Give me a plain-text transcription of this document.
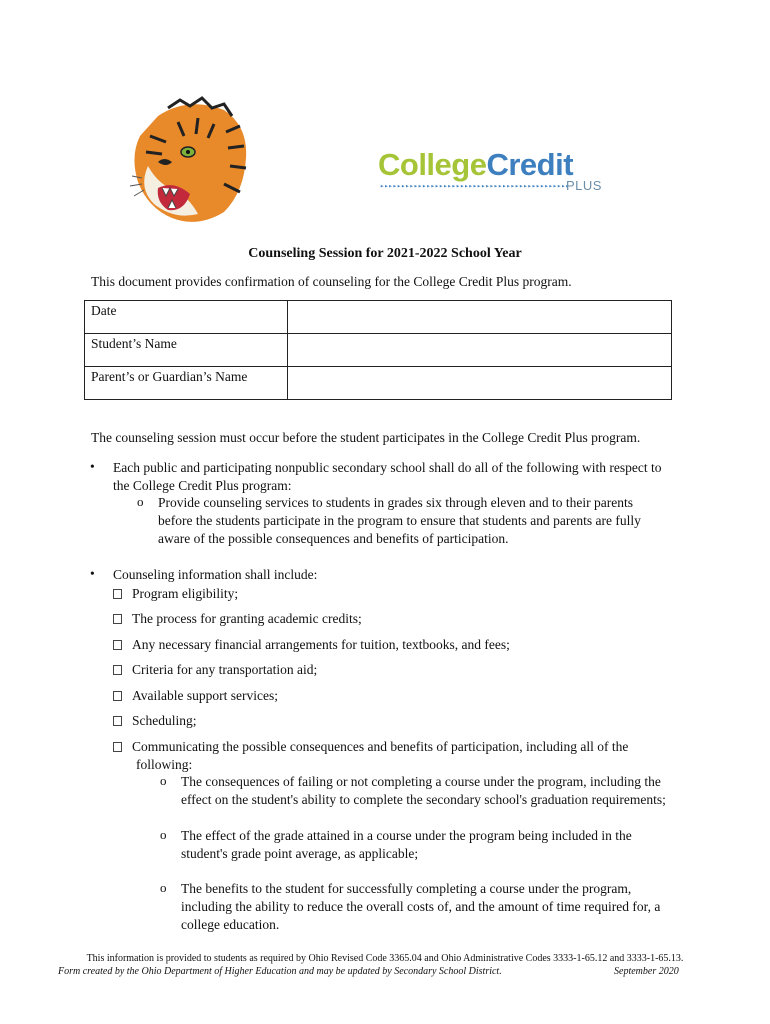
CollegeCredit
▸▸▸▸▸▸▸▸▸▸▸▸▸▸▸▸▸▸▸▸▸▸▸▸▸▸▸▸▸▸▸▸▸▸▸▸▸▸▸▸▸▸▸▸▸
PLUS
Counseling Session for 2021-2022 School Year
This document provides confirmation of counseling for the College Credit Plus program.
Date	
Student’s Name	
Parent’s or Guardian’s Name	
The counseling session must occur before the student participates in the College Credit Plus program.
• Each public and participating nonpublic secondary school shall do all of the following with respect to
the College Credit Plus program:
o Provide counseling services to students in grades six through eleven and to their parents
before the students participate in the program to ensure that students and parents are fully
aware of the possible consequences and benefits of participation.
• Counseling information shall include:
Program eligibility;
The process for granting academic credits;
Any necessary financial arrangements for tuition, textbooks, and fees;
Criteria for any transportation aid;
Available support services;
Scheduling;
Communicating the possible consequences and benefits of participation, including all of the
following:
o The consequences of failing or not completing a course under the program, including the
effect on the student's ability to complete the secondary school's graduation requirements;
o The effect of the grade attained in a course under the program being included in the
student's grade point average, as applicable;
o The benefits to the student for successfully completing a course under the program,
including the ability to reduce the overall costs of, and the amount of time required for, a
college education.
This information is provided to students as required by Ohio Revised Code 3365.04 and Ohio Administrative Codes 3333-1-65.12 and 3333-1-65.13.
Form created by the Ohio Department of Higher Education and may be updated by Secondary School District.	September 2020
